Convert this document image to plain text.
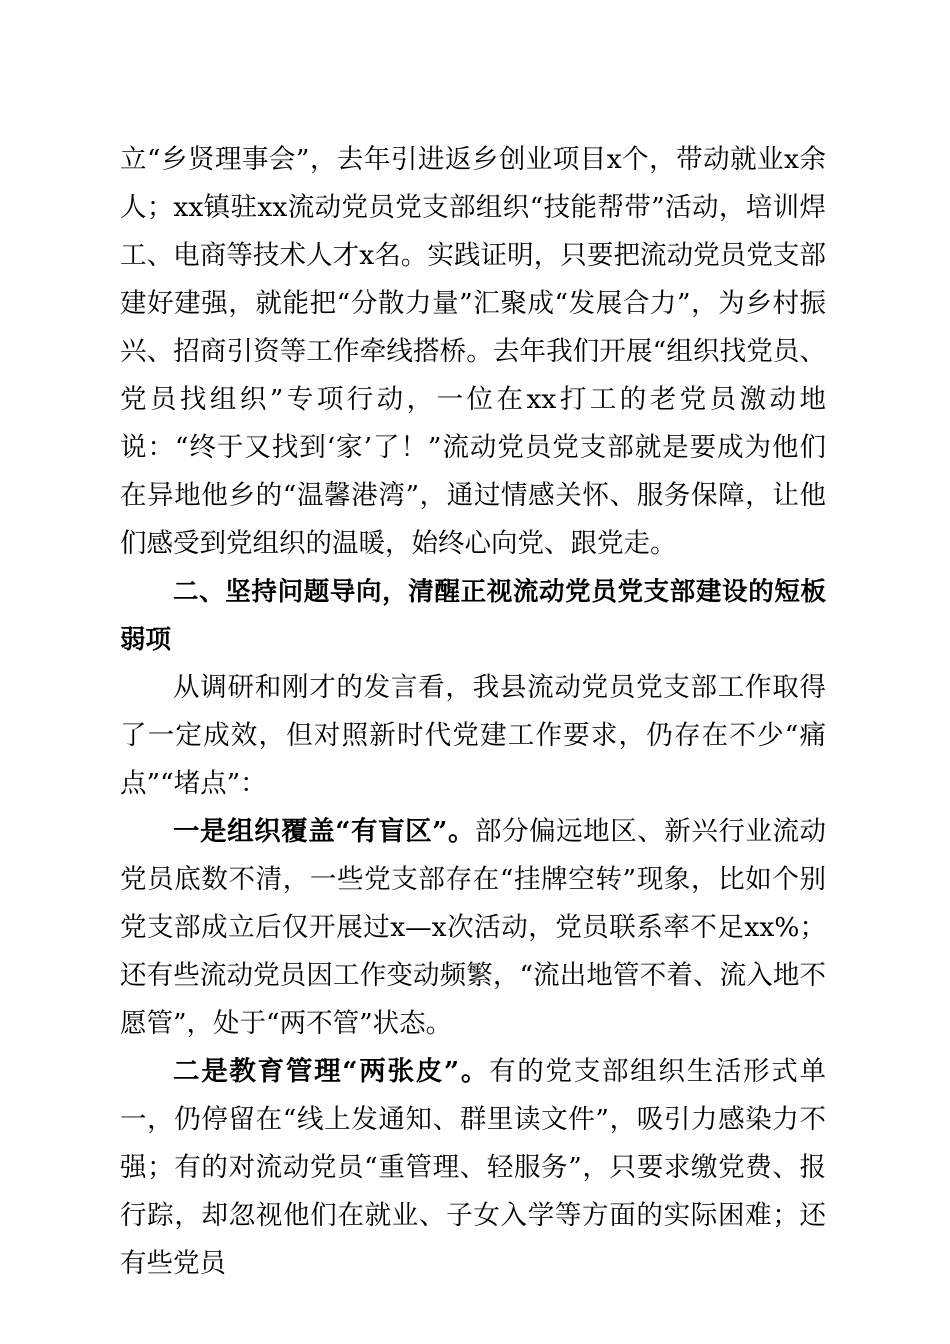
立“乡贤理事会”，去年引进返乡创业项目x个，带动就业x余人；xx镇驻xx流动党员党支部组织“技能帮带”活动，培训焊工、电商等技术人才x名。实践证明，只要把流动党员党支部建好建强，就能把“分散力量”汇聚成“发展合力”，为乡村振兴、招商引资等工作牵线搭桥。去年我们开展“组织找党员、党员找组织”专项行动，一位在xx打工的老党员激动地说：“终于又找到‘家’了！”流动党员党支部就是要成为他们在异地他乡的“温馨港湾”，通过情感关怀、服务保障，让他们感受到党组织的温暖，始终心向党、跟党走。

二、坚持问题导向，清醒正视流动党员党支部建设的短板弱项

从调研和刚才的发言看，我县流动党员党支部工作取得了一定成效，但对照新时代党建工作要求，仍存在不少“痛点”“堵点”：

一是组织覆盖“有盲区”。部分偏远地区、新兴行业流动党员底数不清，一些党支部存在“挂牌空转”现象，比如个别党支部成立后仅开展过x—x次活动，党员联系率不足xx%；还有些流动党员因工作变动频繁，“流出地管不着、流入地不愿管”，处于“两不管”状态。

二是教育管理“两张皮”。有的党支部组织生活形式单一，仍停留在“线上发通知、群里读文件”，吸引力感染力不强；有的对流动党员“重管理、轻服务”，只要求缴党费、报行踪，却忽视他们在就业、子女入学等方面的实际困难；还有些党员
